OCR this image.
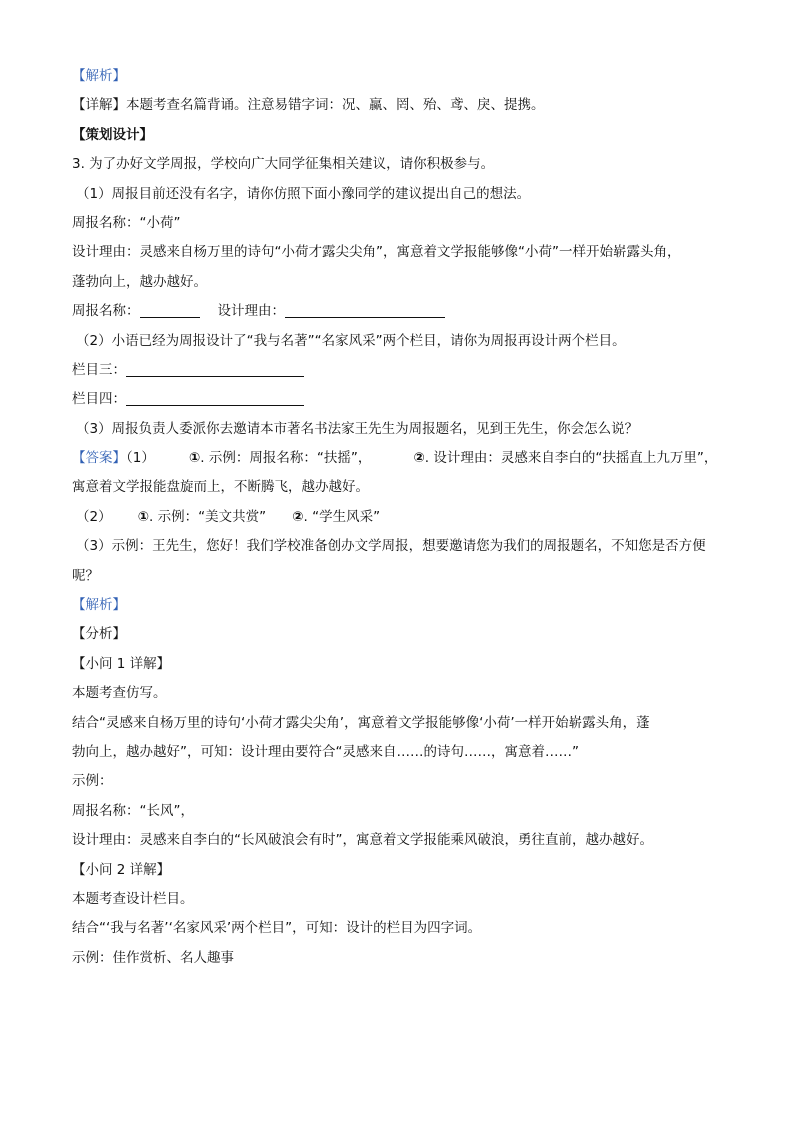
【解析】
【详解】本题考查名篇背诵。注意易错字词：况、赢、罔、殆、鸢、戾、提携。
【策划设计】
3. 为了办好文学周报，学校向广大同学征集相关建议，请你积极参与。
（1）周报目前还没有名字，请你仿照下面小豫同学的建议提出自己的想法。
周报名称：“小荷”
设计理由：灵感来自杨万里的诗句“小荷才露尖尖角”，寓意着文学报能够像“小荷”一样开始崭露头角，
蓬勃向上，越办越好。
周报名称：	设计理由：
（2）小语已经为周报设计了“我与名著”“名家风采”两个栏目，请你为周报再设计两个栏目。
栏目三：
栏目四：
（3）周报负责人委派你去邀请本市著名书法家王先生为周报题名，见到王先生，你会怎么说？
【答案】（1）	①. 示例：周报名称：“扶摇”，	②. 设计理由：灵感来自李白的“扶摇直上九万里”，
寓意着文学报能盘旋而上，不断腾飞，越办越好。
（2） ①. 示例：“美文共赏” ②. “学生风采”
（3）示例：王先生，您好！我们学校准备创办文学周报，想要邀请您为我们的周报题名，不知您是否方便
呢？
【解析】
【分析】
【小问 1 详解】
本题考查仿写。
结合“灵感来自杨万里的诗句‘小荷才露尖尖角’，寓意着文学报能够像‘小荷’一样开始崭露头角，蓬
勃向上，越办越好”，可知：设计理由要符合“灵感来自……的诗句……，寓意着……”
示例：
周报名称：“长风”，
设计理由：灵感来自李白的“长风破浪会有时”，寓意着文学报能乘风破浪，勇往直前，越办越好。
【小问 2 详解】
本题考查设计栏目。
结合“‘我与名著’‘名家风采’两个栏目”，可知：设计的栏目为四字词。
示例：佳作赏析、名人趣事
